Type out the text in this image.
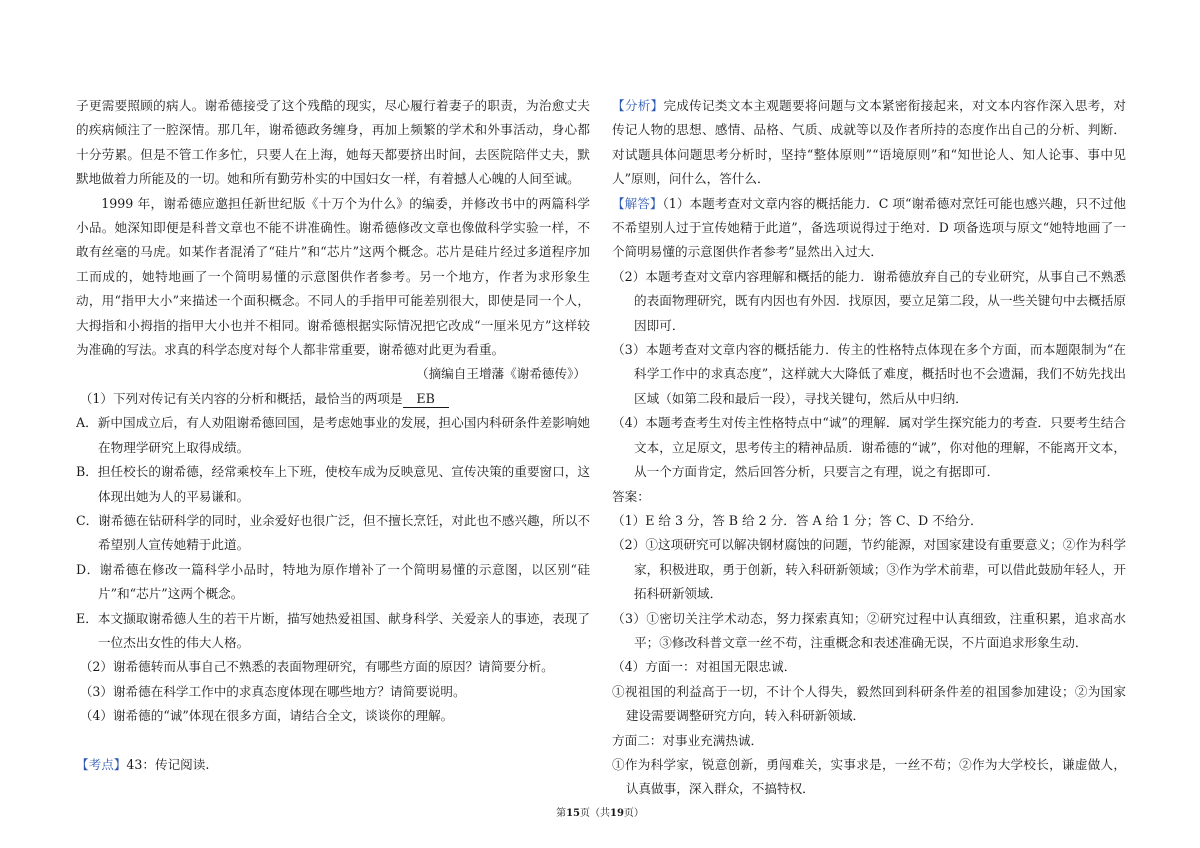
子更需要照顾的病人。谢希德接受了这个残酷的现实，尽心履行着妻子的职责，为治愈丈夫的疾病倾注了一腔深情。那几年，谢希德政务缠身，再加上频繁的学术和外事活动，身心都十分劳累。但是不管工作多忙，只要人在上海，她每天都要挤出时间，去医院陪伴丈夫，默默地做着力所能及的一切。她和所有勤劳朴实的中国妇女一样，有着撼人心魄的人间至诚。

1999 年，谢希德应邀担任新世纪版《十万个为什么》的编委，并修改书中的两篇科学小品。她深知即便是科普文章也不能不讲准确性。谢希德修改文章也像做科学实验一样，不敢有丝毫的马虎。如某作者混淆了“硅片”和“芯片”这两个概念。芯片是硅片经过多道程序加工而成的，她特地画了一个简明易懂的示意图供作者参考。另一个地方，作者为求形象生动，用“指甲大小”来描述一个面积概念。不同人的手指甲可能差别很大，即使是同一个人，大拇指和小拇指的指甲大小也并不相同。谢希德根据实际情况把它改成“一厘米见方”这样较为准确的写法。求真的科学态度对每个人都非常重要，谢希德对此更为看重。

（摘编自王增藩《谢希德传》）

（1）下列对传记有关内容的分析和概括，最恰当的两项是 EB

A．新中国成立后，有人劝阻谢希德回国，是考虑她事业的发展，担心国内科研条件差影响她在物理学研究上取得成绩。

B．担任校长的谢希德，经常乘校车上下班，使校车成为反映意见、宣传决策的重要窗口，这体现出她为人的平易谦和。

C．谢希德在钻研科学的同时，业余爱好也很广泛，但不擅长烹饪，对此也不感兴趣，所以不希望别人宣传她精于此道。

D．谢希德在修改一篇科学小品时，特地为原作增补了一个简明易懂的示意图，以区别“硅片”和“芯片”这两个概念。

E．本文撷取谢希德人生的若干片断，描写她热爱祖国、献身科学、关爱亲人的事迹，表现了一位杰出女性的伟大人格。

（2）谢希德转而从事自己不熟悉的表面物理研究，有哪些方面的原因？请简要分析。

（3）谢希德在科学工作中的求真态度体现在哪些地方？请简要说明。

（4）谢希德的“诚”体现在很多方面，请结合全文，谈谈你的理解。

【考点】43：传记阅读.

【分析】完成传记类文本主观题要将问题与文本紧密衔接起来，对文本内容作深入思考，对传记人物的思想、感情、品格、气质、成就等以及作者所持的态度作出自己的分析、判断．对试题具体问题思考分析时，坚持“整体原则”“语境原则”和“知世论人、知人论事、事中见人”原则，问什么，答什么．

【解答】（1）本题考查对文章内容的概括能力．C 项“谢希德对烹饪可能也感兴趣，只不过他不希望别人过于宣传她精于此道”，备选项说得过于绝对．D 项备选项与原文“她特地画了一个简明易懂的示意图供作者参考”显然出入过大．

（2）本题考查对文章内容理解和概括的能力．谢希德放弃自己的专业研究，从事自己不熟悉的表面物理研究，既有内因也有外因．找原因，要立足第二段，从一些关键句中去概括原因即可．

（3）本题考查对文章内容的概括能力．传主的性格特点体现在多个方面，而本题限制为“在科学工作中的求真态度”，这样就大大降低了难度，概括时也不会遗漏，我们不妨先找出区域（如第二段和最后一段），寻找关键句，然后从中归纳．

（4）本题考查考生对传主性格特点中“诚”的理解．属对学生探究能力的考查．只要考生结合文本，立足原文，思考传主的精神品质．谢希德的“诚”，你对他的理解，不能离开文本，从一个方面肯定，然后回答分析，只要言之有理，说之有据即可．

答案：

（1）E 给 3 分，答 B 给 2 分．答 A 给 1 分；答 C、D 不给分．

（2）①这项研究可以解决钢材腐蚀的问题，节约能源，对国家建设有重要意义；②作为科学家，积极进取，勇于创新，转入科研新领域；③作为学术前辈，可以借此鼓励年轻人，开拓科研新领域．

（3）①密切关注学术动态，努力探索真知；②研究过程中认真细致，注重积累，追求高水平；③修改科普文章一丝不苟，注重概念和表述准确无误，不片面追求形象生动．

（4）方面一：对祖国无限忠诚．

①视祖国的利益高于一切，不计个人得失，毅然回到科研条件差的祖国参加建设；②为国家建设需要调整研究方向，转入科研新领域．

方面二：对事业充满热诚．

①作为科学家，锐意创新，勇闯难关，实事求是，一丝不苟；②作为大学校长，谦虚做人，认真做事，深入群众，不搞特权．

第15页（共19页）
